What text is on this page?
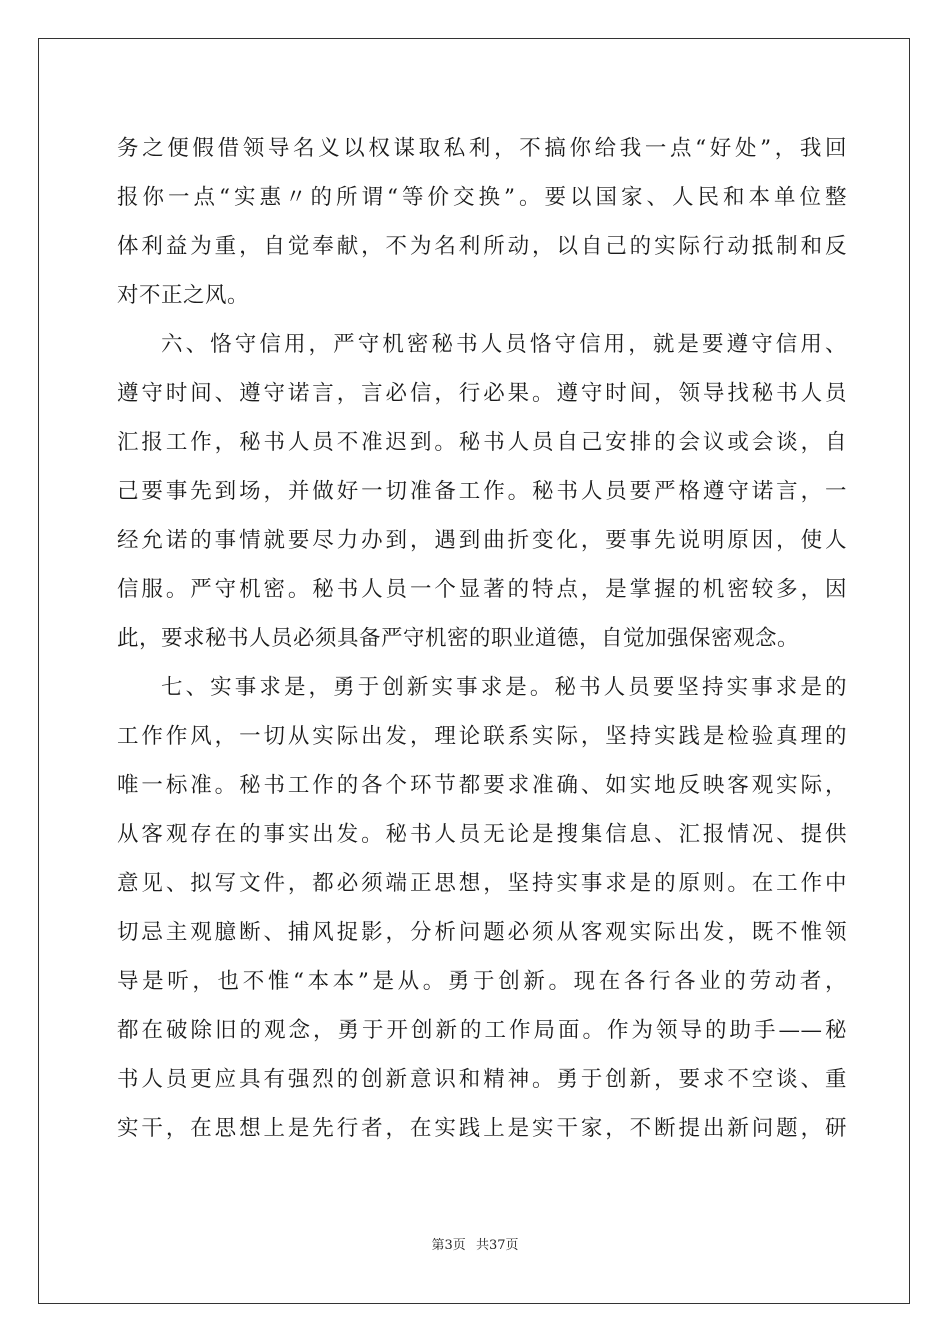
务之便假借领导名义以权谋取私利，不搞你给我一点“好处”，我回
报你一点“实惠〃的所谓“等价交换”。要以国家、人民和本单位整
体利益为重，自觉奉献，不为名利所动，以自己的实际行动抵制和反
对不正之风。
六、恪守信用，严守机密秘书人员恪守信用，就是要遵守信用、
遵守时间、遵守诺言，言必信，行必果。遵守时间，领导找秘书人员
汇报工作，秘书人员不准迟到。秘书人员自己安排的会议或会谈，自
己要事先到场，并做好一切准备工作。秘书人员要严格遵守诺言，一
经允诺的事情就要尽力办到，遇到曲折变化，要事先说明原因，使人
信服。严守机密。秘书人员一个显著的特点，是掌握的机密较多，因
此，要求秘书人员必须具备严守机密的职业道德，自觉加强保密观念。
七、实事求是，勇于创新实事求是。秘书人员要坚持实事求是的
工作作风，一切从实际出发，理论联系实际，坚持实践是检验真理的
唯一标准。秘书工作的各个环节都要求准确、如实地反映客观实际，
从客观存在的事实出发。秘书人员无论是搜集信息、汇报情况、提供
意见、拟写文件，都必须端正思想，坚持实事求是的原则。在工作中
切忌主观臆断、捕风捉影，分析问题必须从客观实际出发，既不惟领
导是听，也不惟“本本”是从。勇于创新。现在各行各业的劳动者，
都在破除旧的观念，勇于开创新的工作局面。作为领导的助手——秘
书人员更应具有强烈的创新意识和精神。勇于创新，要求不空谈、重
实干，在思想上是先行者，在实践上是实干家，不断提出新问题，研
第3页 共37页
